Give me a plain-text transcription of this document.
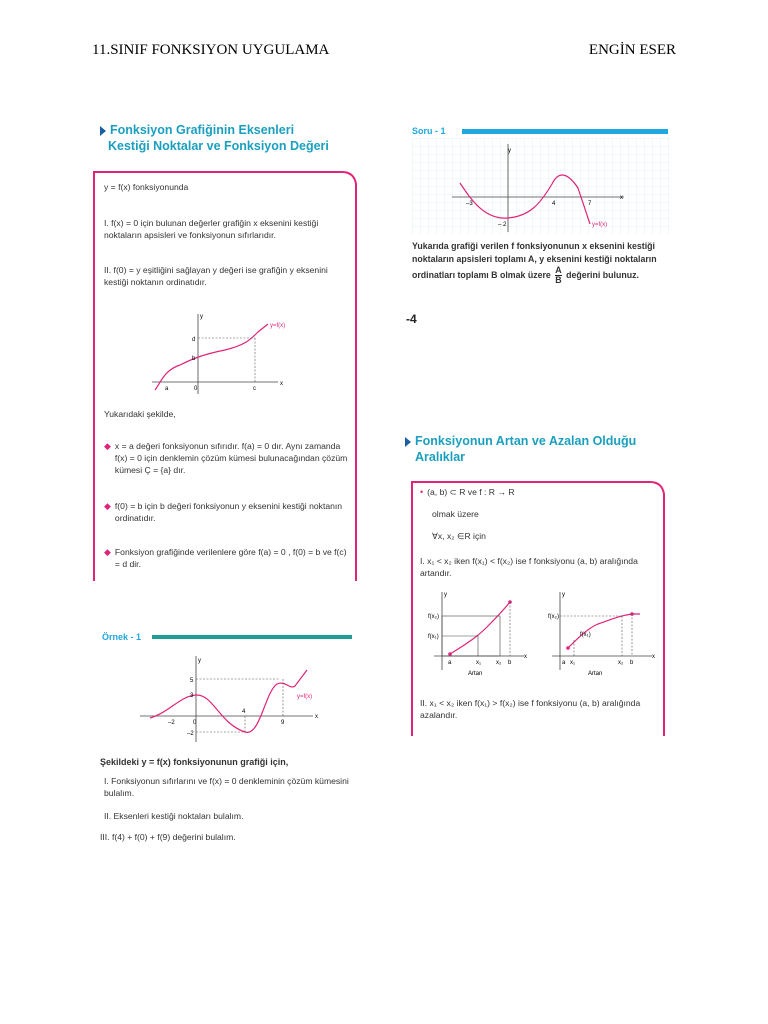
11.SINIF FONKSIYON UYGULAMA	ENGİN ESER
Fonksiyon Grafiğinin Eksenleri
Kestiği Noktalar ve Fonksiyon Değeri
y = f(x) fonksiyonunda
I. f(x) = 0 için bulunan değerler grafiğin x eksenini kestiği noktaların apsisleri ve fonksiyonun sıfırlarıdır.
II. f(0) = y eşitliğini sağlayan y değeri ise grafiğin y eksenini kestiği noktanın ordinatıdır.
x
y
y=f(x)
d
b
a	0	c
Yukarıdaki şekilde,
◆ x = a değeri fonksiyonun sıfırıdır. f(a) = 0 dır. Aynı zamanda f(x) = 0 için denklemin çözüm kümesi bulunacağından çözüm kümesi Ç = {a} dır.
◆ f(0) = b için b değeri fonksiyonun y eksenini kestiği noktanın ordinatıdır.
◆ Fonksiyon grafiğinde verilenlere göre f(a) = 0 , f(0) = b ve f(c) = d dir.
Örnek - 1
x
y
5
3
–2
0
4
9
–2
y=f(x)
Şekildeki y = f(x) fonksiyonunun grafiği için,
I. Fonksiyonun sıfırlarını ve f(x) = 0 denkleminin çözüm kümesini bulalım.
II. Eksenleri kestiği noktaları bulalım.
III. f(4) + f(0) + f(9) değerini bulalım.
Soru - 1
x
y
–3	4	7
– 2	y=f(x)
Yukarıda grafiği verilen f fonksiyonunun x eksenini kestiği noktaların apsisleri toplamı A, y eksenini kestiği noktaların ordinatları toplamı B olmak üzere $\frac{A}{B}$ değerini bulunuz.
-4
Fonksiyonun Artan ve Azalan Olduğu
Aralıklar
• (a, b) ⊂ R ve f : R → R
olmak üzere
∀x, x₂ ∈R için
I. x₁ < x₂ iken f(x₁) < f(x₂) ise f fonksiyonu (a, b) aralığında artandır.
x
y
f(x₂)
f(x₁)
a	x₁ x₂ b
Artan
x
y
f(x₂)
f(x₁)
a x₁	x₂ b
Artan
II. x₁ < x₂ iken f(x₁) > f(x₂) ise f fonksiyonu (a, b) aralığında azalandır.
